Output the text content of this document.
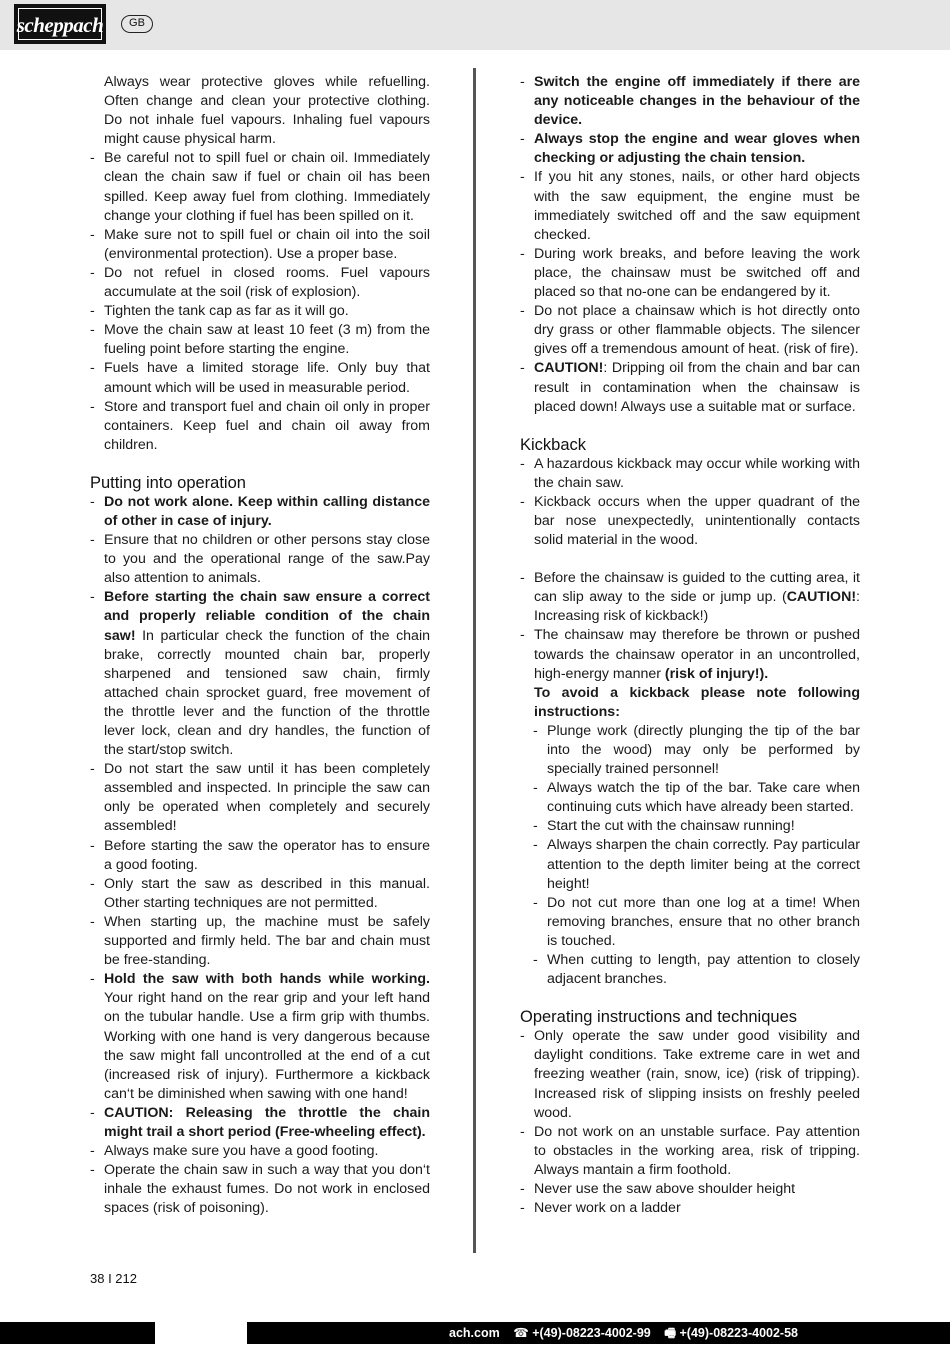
scheppach	GB
Always wear protective gloves while refuelling. Often change and clean your protective clothing. Do not inhale fuel vapours. Inhaling fuel vapours might cause physical harm.
- Be careful not to spill fuel or chain oil. Immediately clean the chain saw if fuel or chain oil has been spilled. Keep away fuel from clothing. Immediately change your clothing if fuel has been spilled on it.
- Make sure not to spill fuel or chain oil into the soil (environmental protection). Use a proper base.
- Do not refuel in closed rooms. Fuel vapours accumulate at the soil (risk of explosion).
- Tighten the tank cap as far as it will go.
- Move the chain saw at least 10 feet (3 m) from the fueling point before starting the engine.
- Fuels have a limited storage life. Only buy that amount which will be used in measurable period.
- Store and transport fuel and chain oil only in proper containers. Keep fuel and chain oil away from children.
Putting into operation
- Do not work alone. Keep within calling distance of other in case of injury.
- Ensure that no children or other persons stay close to you and the operational range of the saw.Pay also attention to animals.
- Before starting the chain saw ensure a correct and properly reliable condition of the chain saw! In particular check the function of the chain brake, correctly mounted chain bar, properly sharpened and tensioned saw chain, firmly attached chain sprocket guard, free movement of the throttle lever and the function of the throttle lever lock, clean and dry handles, the function of the start/stop switch.
- Do not start the saw until it has been completely assembled and inspected. In principle the saw can only be operated when completely and securely assembled!
- Before starting the saw the operator has to ensure a good footing.
- Only start the saw as described in this manual. Other starting techniques are not permitted.
- When starting up, the machine must be safely supported and firmly held. The bar and chain must be free-standing.
- Hold the saw with both hands while working. Your right hand on the rear grip and your left hand on the tubular handle. Use a firm grip with thumbs. Working with one hand is very dangerous because the saw might fall uncontrolled at the end of a cut (increased risk of injury). Furthermore a kickback can‘t be diminished when sawing with one hand!
- CAUTION: Releasing the throttle the chain might trail a short period (Free-wheeling effect).
- Always make sure you have a good footing.
- Operate the chain saw in such a way that you don‘t inhale the exhaust fumes. Do not work in enclosed spaces (risk of poisoning).
- Switch the engine off immediately if there are any noticeable changes in the behaviour of the device.
- Always stop the engine and wear gloves when checking or adjusting the chain tension.
- If you hit any stones, nails, or other hard objects with the saw equipment, the engine must be immediately switched off and the saw equipment checked.
- During work breaks, and before leaving the work place, the chainsaw must be switched off and placed so that no-one can be endangered by it.
- Do not place a chainsaw which is hot directly onto dry grass or other flammable objects. The silencer gives off a tremendous amount of heat. (risk of fire).
- CAUTION!: Dripping oil from the chain and bar can result in contamination when the chainsaw is placed down! Always use a suitable mat or surface.
Kickback
- A hazardous kickback may occur while working with the chain saw.
- Kickback occurs when the upper quadrant of the bar nose unexpectedly, unintentionally contacts solid material in the wood.
- Before the chainsaw is guided to the cutting area, it can slip away to the side or jump up. (CAUTION!: Increasing risk of kickback!)
- The chainsaw may therefore be thrown or pushed towards the chainsaw operator in an uncontrolled, high-energy manner (risk of injury!).
To avoid a kickback please note following instructions:
- Plunge work (directly plunging the tip of the bar into the wood) may only be performed by specially trained personnel!
- Always watch the tip of the bar. Take care when continuing cuts which have already been started.
- Start the cut with the chainsaw running!
- Always sharpen the chain correctly. Pay particular attention to the depth limiter being at the correct height!
- Do not cut more than one log at a time! When removing branches, ensure that no other branch is touched.
- When cutting to length, pay attention to closely adjacent branches.
Operating instructions and techniques
- Only operate the saw under good visibility and daylight conditions. Take extreme care in wet and freezing weather (rain, snow, ice) (risk of tripping). Increased risk of slipping insists on freshly peeled wood.
- Do not work on an unstable surface. Pay attention to obstacles in the working area, risk of tripping. Always mantain a firm foothold.
- Never use the saw above shoulder height
- Never work on a ladder
38 I 212
ach.com ☎ +(49)-08223-4002-99 🖷 +(49)-08223-4002-58
